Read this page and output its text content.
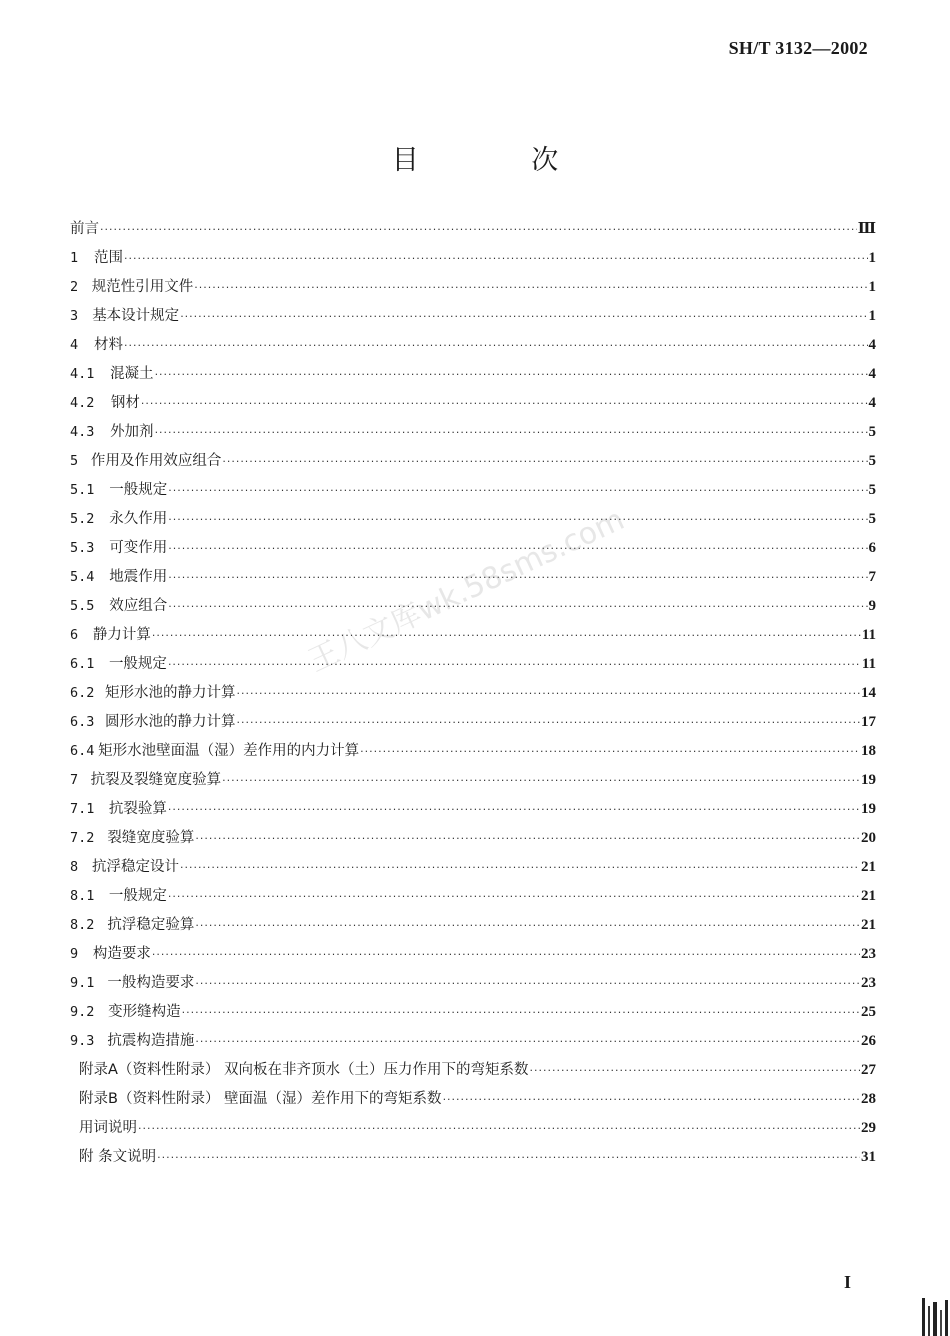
SH/T 3132—2002
目 次
前言 ·····	Ⅲ
1	范围 ·····	1
2 规范性引用文件 ·····	1
3 基本设计规定 ·····	1
4	材料 ·····	4
4.1	混凝土 ·····	4
4.2	钢材 ·····	4
4.3	外加剂 ·····	5
5 作用及作用效应组合 ·····	5
5.1	一般规定 ·····	5
5.2	永久作用 ·····	5
5.3	可变作用 ·····	6
5.4	地震作用 ·····	7
5.5	效应组合 ·····	9
6	静力计算 ·····	11
6.1	一般规定 ·····	11
6.2 矩形水池的静力计算 ·····	14
6.3 圆形水池的静力计算 ·····	17
6.4 矩形水池壁面温（湿）差作用的内力计算 ·····	18
7 抗裂及裂缝宽度验算 ·····	19
7.1	抗裂验算 ·····	19
7.2 裂缝宽度验算 ·····	20
8 抗浮稳定设计 ·····	21
8.1	一般规定 ·····	21
8.2 抗浮稳定验算 ·····	21
9	构造要求 ·····	23
9.1 一般构造要求 ·····	23
9.2 变形缝构造 ·····	25
9.3 抗震构造措施 ·····	26
附录A（资料性附录） 双向板在非齐顶水（土）压力作用下的弯矩系数 ·····	27
附录B（资料性附录） 壁面温（湿）差作用下的弯矩系数 ·····	28
用词说明 ·····	29
附 条文说明 ·····	31
王八文库wk.58sms.com
I
